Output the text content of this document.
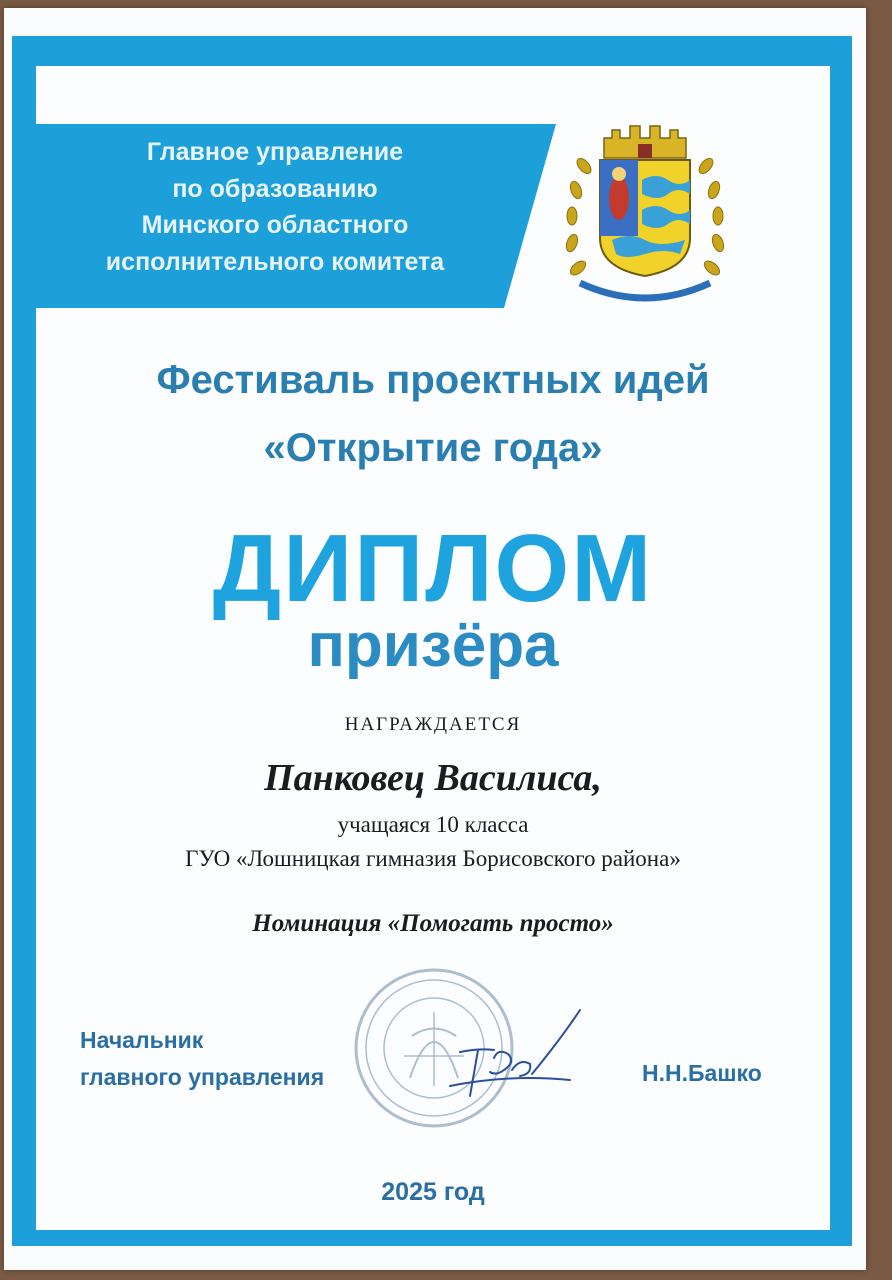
Главное управление
по образованию
Минского областного
исполнительного комитета
Фестиваль проектных идей
«Открытие года»
ДИПЛОМ
призёра
НАГРАЖДАЕТСЯ
Панковец Василиса,
учащаяся 10 класса
ГУО «Лошницкая гимназия Борисовского района»
Номинация «Помогать просто»
Начальник
главного управления	Н.Н.Башко
2025 год
